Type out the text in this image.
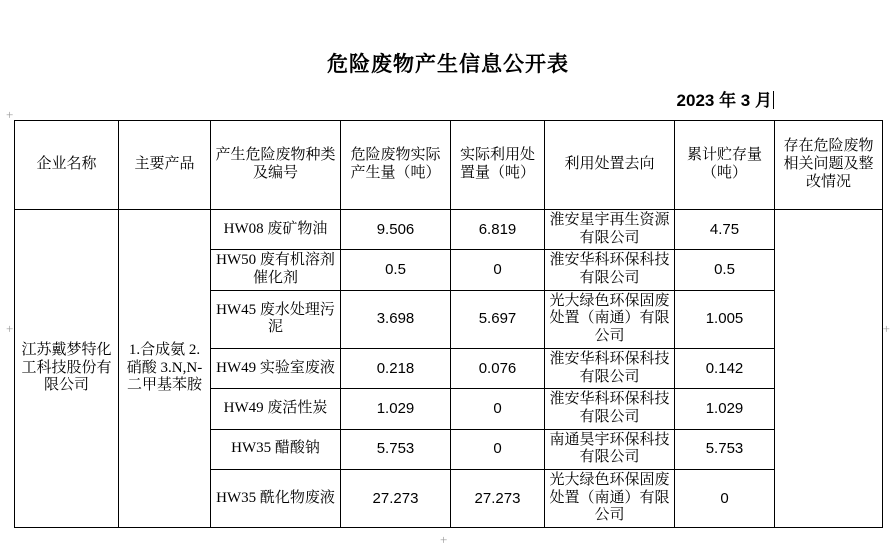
+
+	+
+
危险废物产生信息公开表
2023 年 3 月
企业名称	主要产品	产生危险废物种类及编号	危险废物实际产生量（吨）	实际利用处置量（吨）	利用处置去向	累计贮存量（吨）	存在危险废物相关问题及整改情况
江苏戴梦特化工科技股份有限公司	1.合成氨 2.硝酸 3.N,N-二甲基苯胺	HW08 废矿物油	9.506	6.819	淮安星宇再生资源有限公司	4.75	
		HW50 废有机溶剂催化剂	0.5	0	淮安华科环保科技有限公司	0.5	
		HW45 废水处理污泥	3.698	5.697	光大绿色环保固废处置（南通）有限公司	1.005	
		HW49 实验室废液	0.218	0.076	淮安华科环保科技有限公司	0.142	
		HW49 废活性炭	1.029	0	淮安华科环保科技有限公司	1.029	
		HW35 醋酸钠	5.753	0	南通昊宇环保科技有限公司	5.753	
		HW35 酰化物废液	27.273	27.273	光大绿色环保固废处置（南通）有限公司	0	
